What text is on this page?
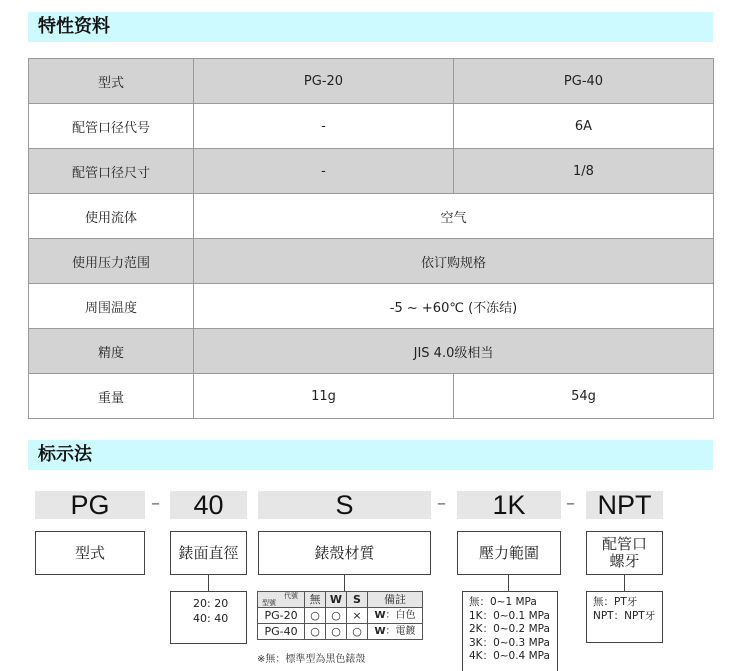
特性资料
型式	PG-20	PG-40
配管口径代号	-	6A
配管口径尺寸	-	1/8
使用流体	空气	
使用压力范围	依订购规格	
周围温度	-5 ~ +60℃ (不冻结)	
精度	JIS 4.0级相当	
重量	11g	54g
标示法
PG	–	40	S	–	1K	– NPT
型式	錶面直徑	錶殼材質	壓力範圍	配管口
螺牙
20: 20
40: 40
代號
型號	無	W	S	備註
PG-20	○	○	×	W：白色
PG-40	○	○	○	W：電鍍
無：0~1 MPa
1K：0~0.1 MPa
2K：0~0.2 MPa
3K：0~0.3 MPa
4K：0~0.4 MPa
無：PT牙
NPT：NPT牙
※無：標準型為黑色錶殼
